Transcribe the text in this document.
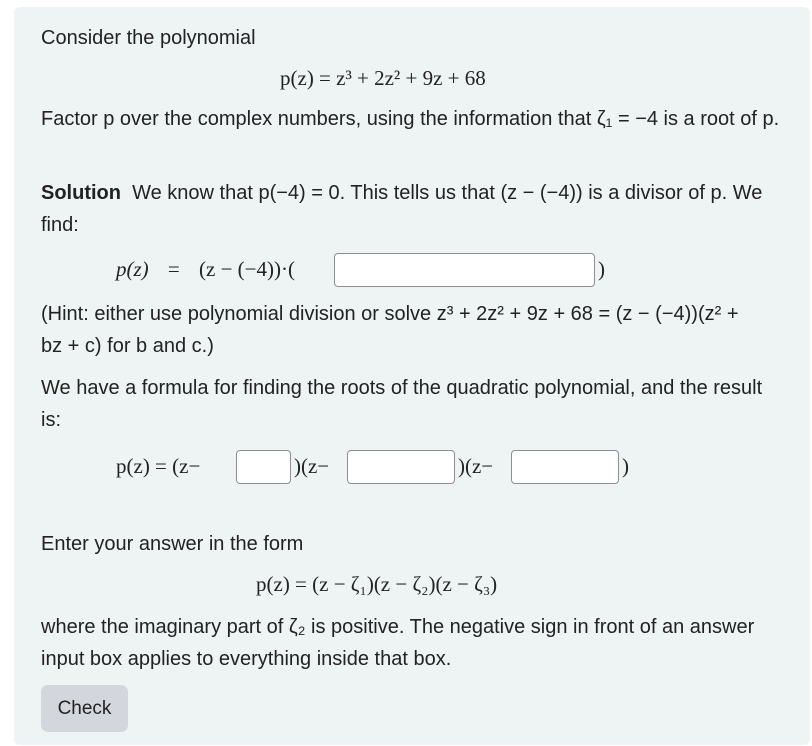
Consider the polynomial

p(z) = z³ + 2z² + 9z + 68

Factor p over the complex numbers, using the information that ζ₁ = −4 is a root of p.

Solution We know that p(−4) = 0. This tells us that (z − (−4)) is a divisor of p. We find:

p(z) = (z − (−4))·(	)

(Hint: either use polynomial division or solve z³ + 2z² + 9z + 68 = (z − (−4))(z² + bz + c) for b and c.)

We have a formula for finding the roots of the quadratic polynomial, and the result is:

p(z) = (z−	)(z−	)(z−	)

Enter your answer in the form

p(z) = (z − ζ₁)(z − ζ₂)(z − ζ₃)

where the imaginary part of ζ₂ is positive. The negative sign in front of an answer input box applies to everything inside that box.

Check
